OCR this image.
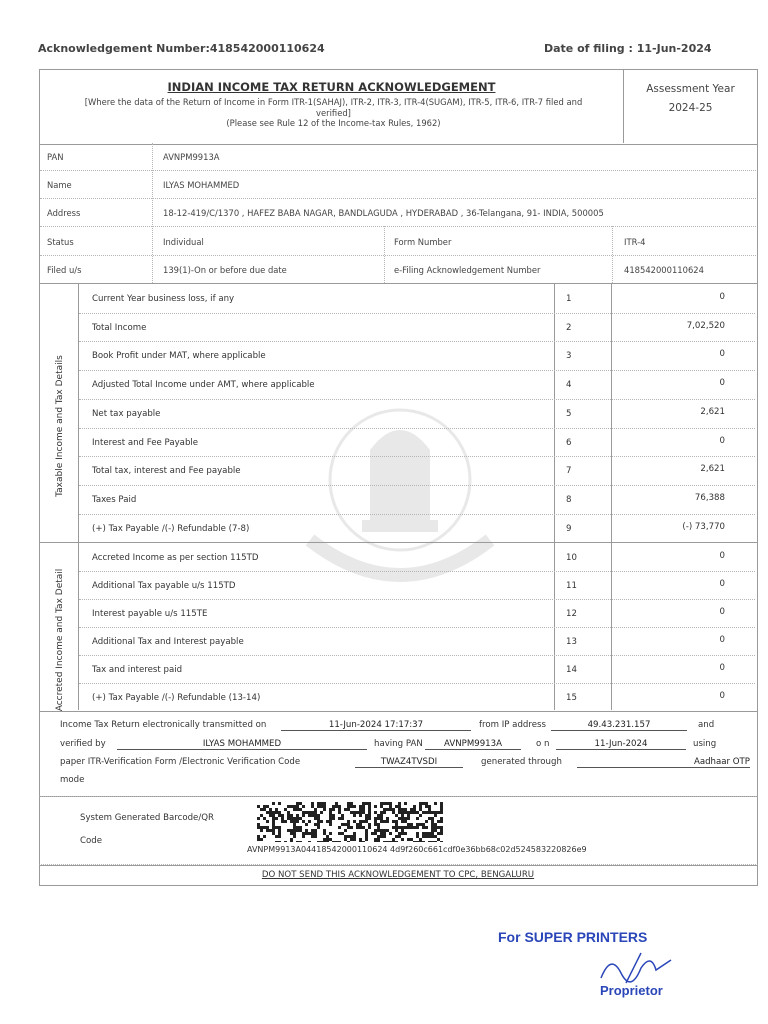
Acknowledgement Number:418542000110624	Date of filing : 11-Jun-2024
INDIAN INCOME TAX RETURN ACKNOWLEDGEMENT
[Where the data of the Return of Income in Form ITR-1(SAHAJ), ITR-2, ITR-3, ITR-4(SUGAM), ITR-5, ITR-6, ITR-7 filed and
verified]
(Please see Rule 12 of the Income-tax Rules, 1962)
Assessment Year
2024-25
PAN	AVNPM9913A
Name	ILYAS MOHAMMED
Address	18-12-419/C/1370 , HAFEZ BABA NAGAR, BANDLAGUDA , HYDERABAD , 36-Telangana, 91- INDIA, 500005
Status	Individual	Form Number	ITR-4
Filed u/s	139(1)-On or before due date	e-Filing Acknowledgement Number	418542000110624
Taxable Income and Tax Details
Current Year business loss, if any	1	0
Total Income	2	7,02,520
Book Profit under MAT, where applicable	3	0
Adjusted Total Income under AMT, where applicable	4	0
Net tax payable	5	2,621
Interest and Fee Payable	6	0
Total tax, interest and Fee payable	7	2,621
Taxes Paid	8	76,388
(+) Tax Payable /(-) Refundable (7-8)	9	(-) 73,770
Accreted Income and Tax Detail
Accreted Income as per section 115TD	10	0
Additional Tax payable u/s 115TD	11	0
Interest payable u/s 115TE	12	0
Additional Tax and Interest payable	13	0
Tax and interest paid	14	0
(+) Tax Payable /(-) Refundable (13-14)	15	0
Income Tax Return electronically transmitted on	11-Jun-2024 17:17:37	from IP address	49.43.231.157	and
verified by	ILYAS MOHAMMED	having PAN	AVNPM9913A	o n	11-Jun-2024	using
paper ITR-Verification Form /Electronic Verification Code	TWAZ4TVSDI	generated through	Aadhaar OTP
mode
System Generated Barcode/QR
Code
AVNPM9913A04418542000110624 4d9f260c661cdf0e36bb68c02d524583220826e9
DO NOT SEND THIS ACKNOWLEDGEMENT TO CPC, BENGALURU
For SUPER PRINTERS
Proprietor
